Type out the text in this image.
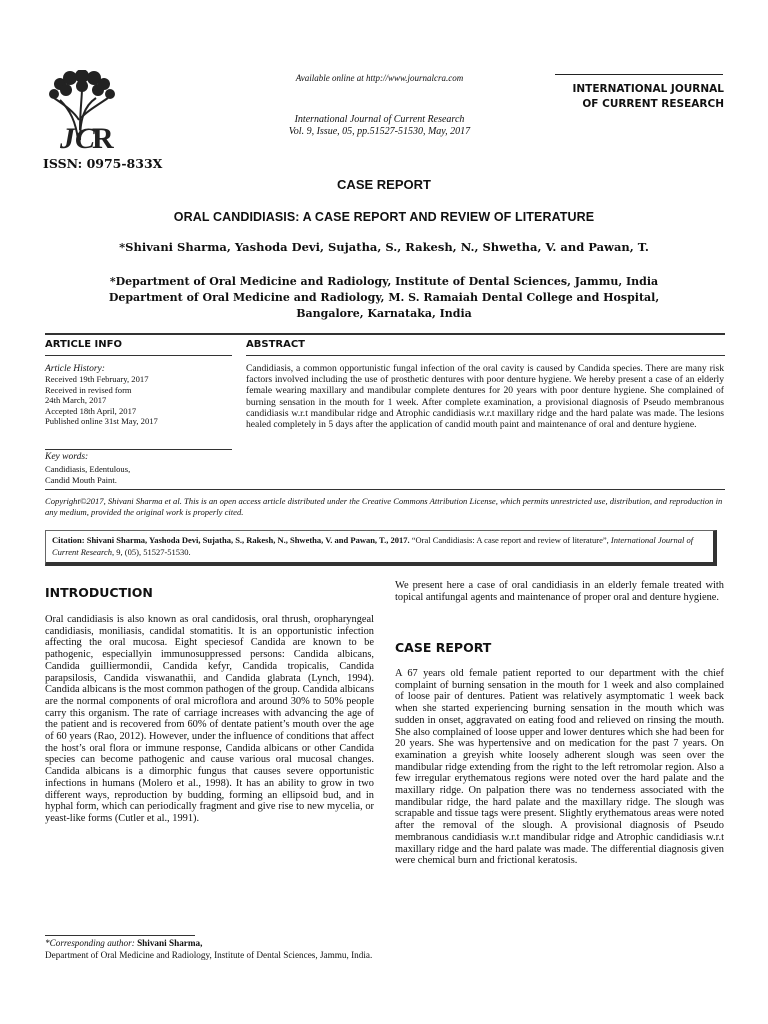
JC
R
ISSN: 0975-833X
Available online at http://www.journalcra.com
International Journal of Current Research
Vol. 9, Issue, 05, pp.51527-51530, May, 2017
INTERNATIONAL JOURNAL
OF CURRENT RESEARCH
CASE REPORT
ORAL CANDIDIASIS: A CASE REPORT AND REVIEW OF LITERATURE
*Shivani Sharma, Yashoda Devi, Sujatha, S., Rakesh, N., Shwetha, V. and Pawan, T.
*Department of Oral Medicine and Radiology, Institute of Dental Sciences, Jammu, India
Department of Oral Medicine and Radiology, M. S. Ramaiah Dental College and Hospital,
Bangalore, Karnataka, India
ARTICLE INFO	ABSTRACT
Article History:
Received 19th February, 2017
Received in revised form
24th March, 2017
Accepted 18th April, 2017
Published online 31st May, 2017
Key words:
Candidiasis, Edentulous,
Candid Mouth Paint.
Candidiasis, a common opportunistic fungal infection of the oral cavity is caused by Candida species. There are many risk factors involved including the use of prosthetic dentures with poor denture hygiene. We hereby present a case of an elderly female wearing maxillary and mandibular complete dentures for 20 years with poor denture hygiene. She complained of burning sensation in the mouth for 1 week. After complete examination, a provisional diagnosis of Pseudo membranous candidiasis w.r.t mandibular ridge and Atrophic candidiasis w.r.t maxillary ridge and the hard palate was made. The lesions healed completely in 5 days after the application of candid mouth paint and maintenance of oral and denture hygiene.
Copyright©2017, Shivani Sharma et al. This is an open access article distributed under the Creative Commons Attribution License, which permits unrestricted use, distribution, and reproduction in any medium, provided the original work is properly cited.
Citation: Shivani Sharma, Yashoda Devi, Sujatha, S., Rakesh, N., Shwetha, V. and Pawan, T., 2017. “Oral Candidiasis: A case report and review of literature”, International Journal of Current Research, 9, (05), 51527-51530.
INTRODUCTION

Oral candidiasis is also known as oral candidosis, oral thrush, oropharyngeal candidiasis, moniliasis, candidal stomatitis. It is an opportunistic infection affecting the oral mucosa. Eight speciesof Candida are known to be pathogenic, especiallyin immunosuppressed persons: Candida albicans, Candida guilliermondii, Candida kefyr, Candida tropicalis, Candida parapsilosis, Candida viswanathii, and Candida glabrata (Lynch, 1994). Candida albicans is the most common pathogen of the group. Candida albicans are the normal components of oral microflora and around 30% to 50% people carry this organism. The rate of carriage increases with advancing the age of the patient and is recovered from 60% of dentate patient’s mouth over the age of 60 years (Rao, 2012). However, under the influence of conditions that affect the host’s oral flora or immune response, Candida albicans or other Candida species can become pathogenic and cause various oral mucosal changes. Candida albicans is a dimorphic fungus that causes severe opportunistic infections in humans (Molero et al., 1998). It has an ability to grow in two different ways, reproduction by budding, forming an ellipsoid bud, and in hyphal form, which can periodically fragment and give rise to new mycelia, or yeast-like forms (Cutler et al., 1991).

*Corresponding author: Shivani Sharma,
Department of Oral Medicine and Radiology, Institute of Dental Sciences, Jammu, India.

We present here a case of oral candidiasis in an elderly female treated with topical antifungal agents and maintenance of proper oral and denture hygiene.

CASE REPORT

A 67 years old female patient reported to our department with the chief complaint of burning sensation in the mouth for 1 week and also complained of loose pair of dentures. Patient was relatively asymptomatic 1 week back when she started experiencing burning sensation in the mouth which was sudden in onset, aggravated on eating food and relieved on rinsing the mouth. She also complained of loose upper and lower dentures which she had been for 20 years. She was hypertensive and on medication for the past 7 years. On examination a greyish white loosely adherent slough was seen over the mandibular ridge extending from the right to the left retromolar region. Also a few irregular erythematous regions were noted over the hard palate and the maxillary ridge. On palpation there was no tenderness associated with the mandibular ridge, the hard palate and the maxillary ridge. The slough was scrapable and tissue tags were present. Slightly erythematous areas were noted after the removal of the slough. A provisional diagnosis of Pseudo membranous candidiasis w.r.t mandibular ridge and Atrophic candidiasis w.r.t maxillary ridge and the hard palate was made. The differential diagnosis given were chemical burn and frictional keratosis.
